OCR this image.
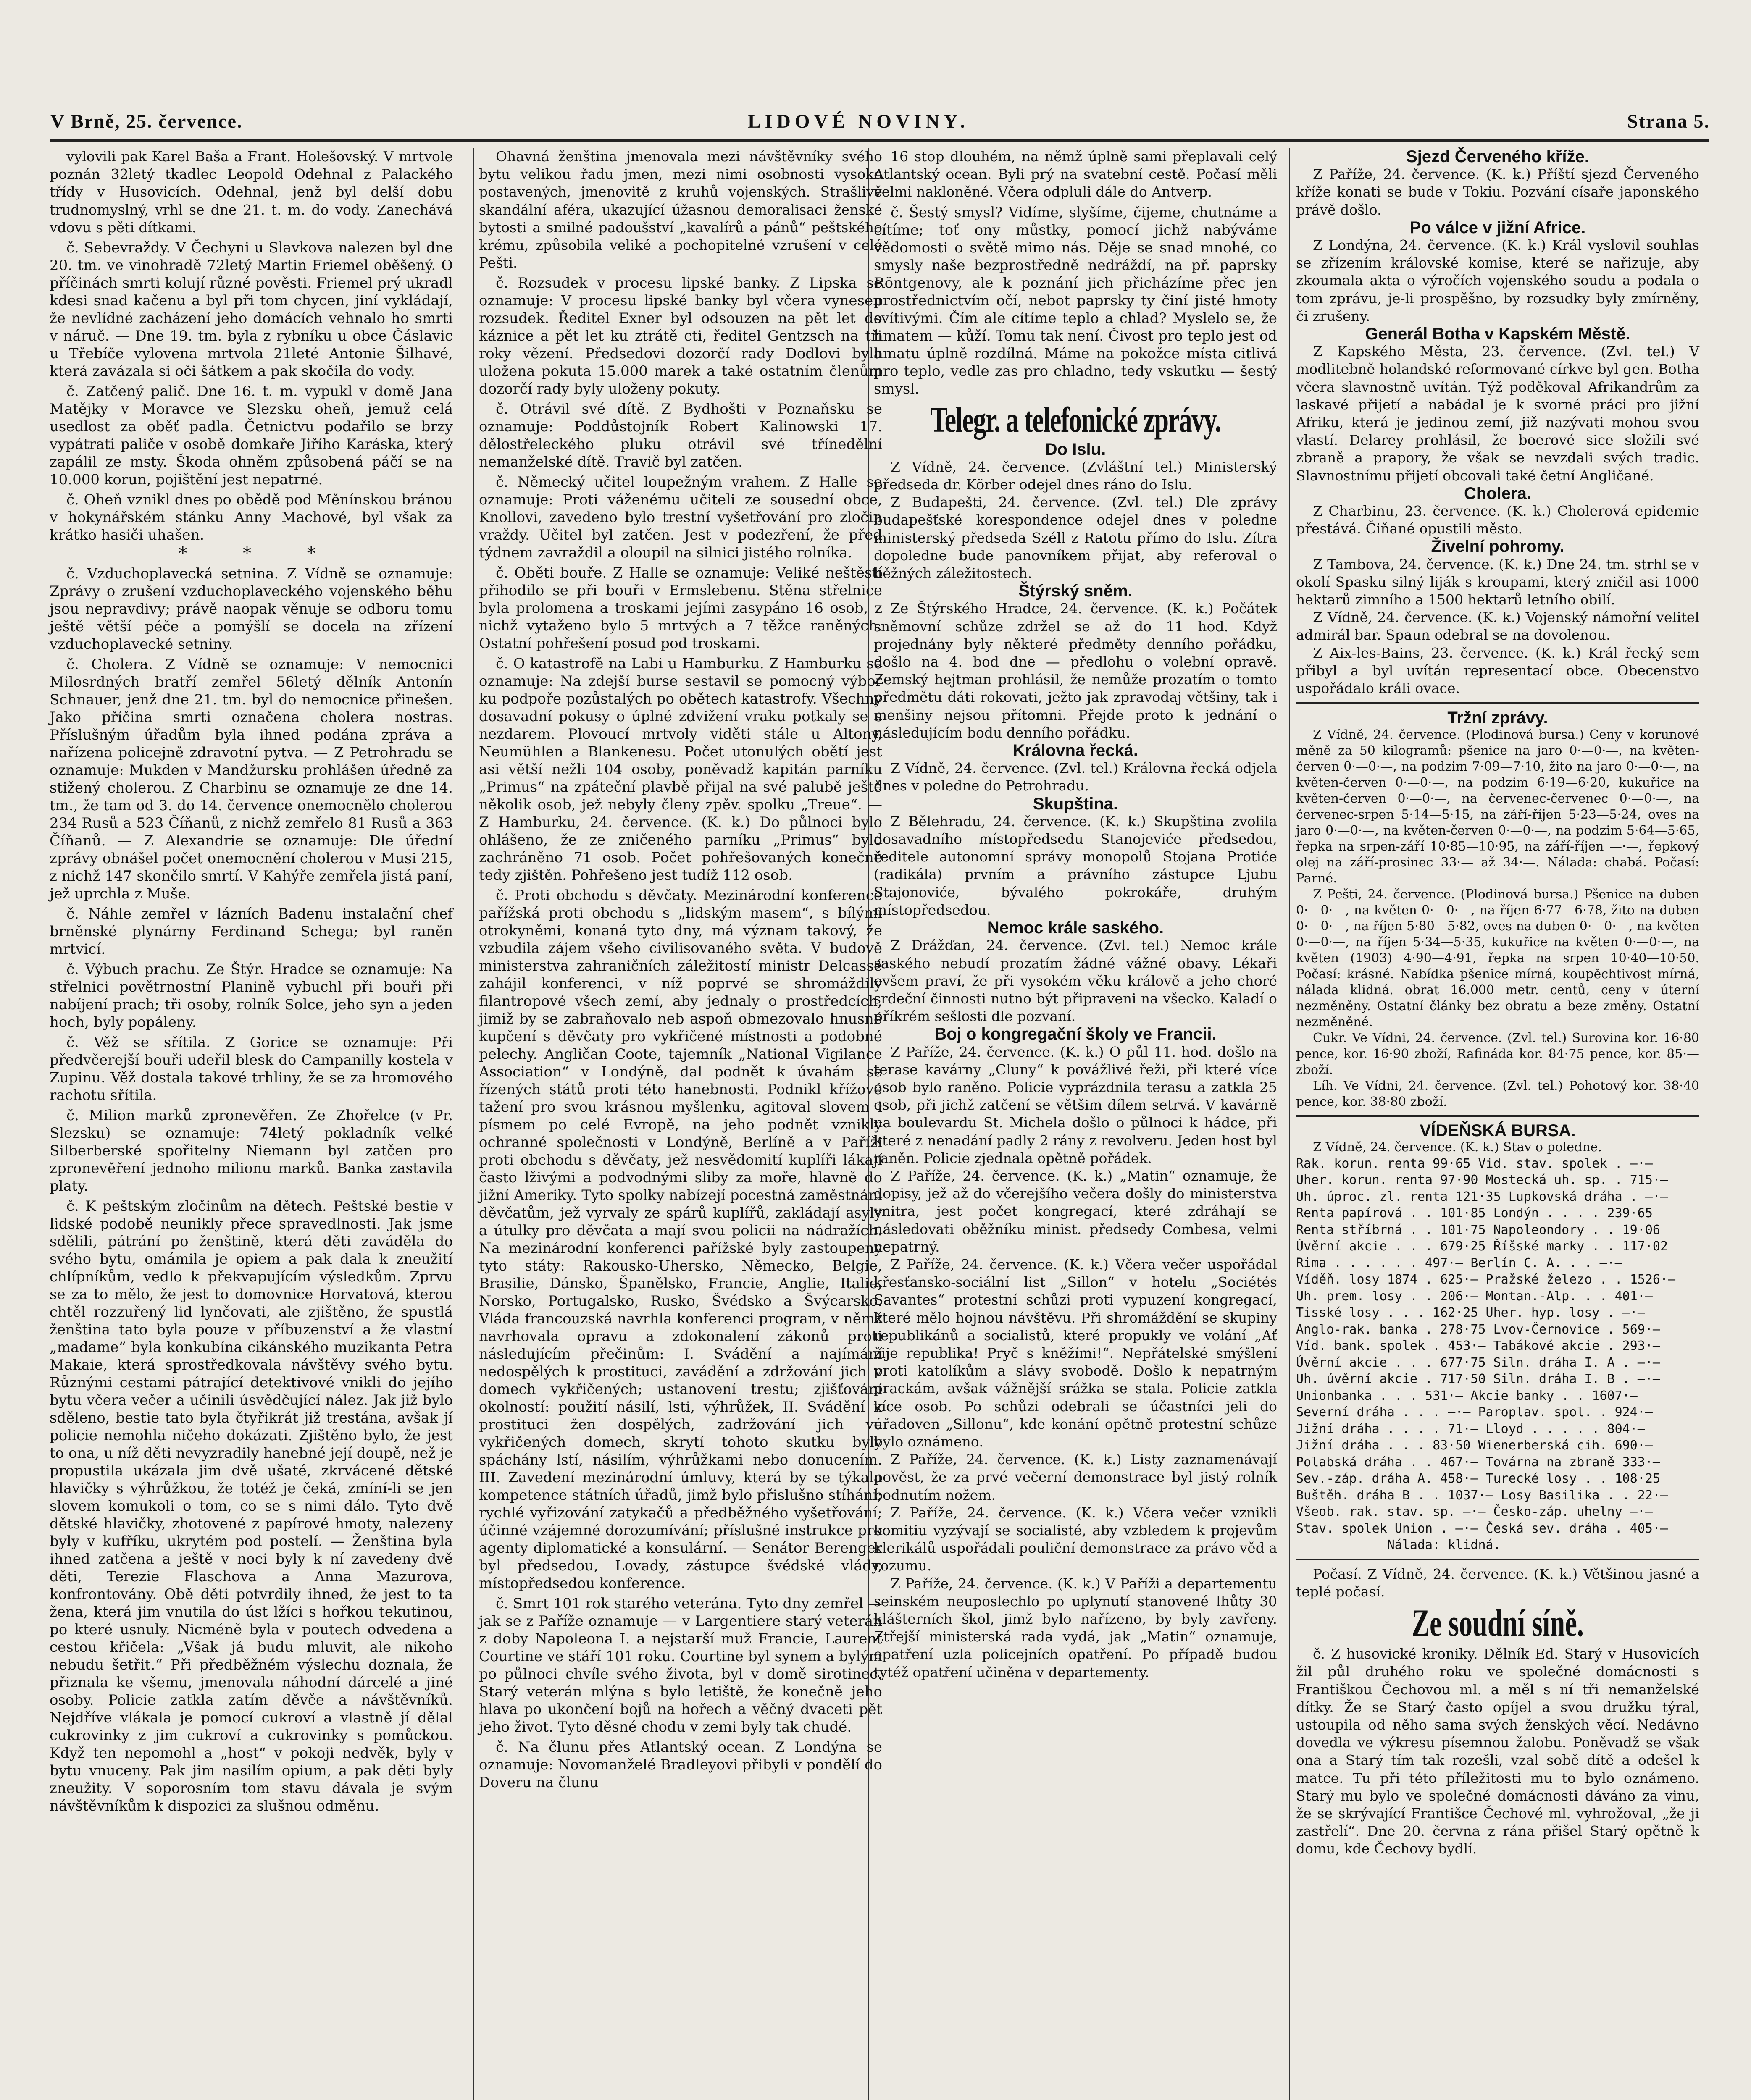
V Brně, 25. července.	LIDOVÉ NOVINY.	Strana 5.

vylovili pak Karel Baša a Frant. Holešovský. V mrtvole poznán 32letý tkadlec Leopold Odehnal z Palackého třídy v Husovicích. Odehnal, jenž byl delší dobu trudnomyslný, vrhl se dne 21. t. m. do vody. Zanechává vdovu s pěti dítkami.

č. Sebevraždy. V Čechyni u Slavkova nalezen byl dne 20. tm. ve vinohradě 72letý Martin Friemel oběšený. O příčinách smrti kolují různé pověsti. Friemel prý ukradl kdesi snad kačenu a byl při tom chycen, jiní vykládají, že nevlídné zacházení jeho domácích vehnalo ho smrti v náruč. — Dne 19. tm. byla z rybníku u obce Čáslavic u Třebíče vylovena mrtvola 21leté Antonie Šilhavé, která zavázala si oči šátkem a pak skočila do vody.
č. Zatčený palič. Dne 16. t. m. vypukl v domě Jana Matějky v Moravce ve Slezsku oheň, jemuž celá usedlost za oběť padla. Četnictvu podařilo se brzy vypátrati paliče v osobě domkaře Jiřího Karáska, který zapálil ze msty. Škoda ohněm způsobená páčí se na 10.000 korun, pojištění jest nepatrné.
č. Oheň vznikl dnes po obědě pod Měnínskou bránou v hokynářském stánku Anny Machové, byl však za krátko hasiči uhašen.

* * *

č. Vzduchoplavecká setnina. Z Vídně se oznamuje: Zprávy o zrušení vzduchoplaveckého vojenského běhu jsou nepravdivy; právě naopak věnuje se odboru tomu ještě větší péče a pomýšlí se docela na zřízení vzduchoplavecké setniny.
č. Cholera. Z Vídně se oznamuje: V nemocnici Milosrdných bratří zemřel 56letý dělník Antonín Schnauer, jenž dne 21. tm. byl do nemocnice přinešen. Jako příčina smrti označena cholera nostras. Příslušným úřadům byla ihned podána zpráva a nařízena policejně zdravotní pytva. — Z Petrohradu se oznamuje: Mukden v Mandžursku prohlášen úředně za stižený cholerou. Z Charbinu se oznamuje ze dne 14. tm., že tam od 3. do 14. července onemocnělo cholerou 234 Rusů a 523 Číňanů, z nichž zemřelo 81 Rusů a 363 Číňanů. — Z Alexandrie se oznamuje: Dle úřední zprávy obnášel počet onemocnění cholerou v Musi 215, z nichž 147 skončilo smrtí. V Kahýře zemřela jistá paní, jež uprchla z Muše.
č. Náhle zemřel v lázních Badenu instalační chef brněnské plynárny Ferdinand Schega; byl raněn mrtvicí.
č. Výbuch prachu. Ze Štýr. Hradce se oznamuje: Na střelnici povětrnostní Planině vybuchl při bouři při nabíjení prach; tři osoby, rolník Solce, jeho syn a jeden hoch, byly popáleny.
č. Věž se sřítila. Z Gorice se oznamuje: Při předvčerejší bouři udeřil blesk do Campanilly kostela v Zupinu. Věž dostala takové trhliny, že se za hromového rachotu sřítila.
č. Milion marků zpronevěřen. Ze Zhořelce (v Pr. Slezsku) se oznamuje: 74letý pokladník velké Silberberské spořitelny Niemann byl zatčen pro zpronevěření jednoho milionu marků. Banka zastavila platy.
č. K peštským zločinům na dětech. Peštské bestie v lidské podobě neunikly přece spravedlnosti. Jak jsme sdělili, pátrání po ženštině, která děti zaváděla do svého bytu, omámila je opiem a pak dala k zneužití chlípníkům, vedlo k překvapujícím výsledkům. Zprvu se za to mělo, že jest to domovnice Horvatová, kterou chtěl rozzuřený lid lynčovati, ale zjištěno, že spustlá ženština tato byla pouze v příbuzenství a že vlastní „madame“ byla konkubína cikánského muzikanta Petra Makaie, která sprostředkovala návštěvy svého bytu. Různými cestami pátrající detektivové vnikli do jejího bytu včera večer a učinili úsvědčující nález. Jak již bylo sděleno, bestie tato byla čtyřikrát již trestána, avšak jí policie nemohla ničeho dokázati. Zjištěno bylo, že jest to ona, u níž děti nevyzradily hanebné její doupě, než je propustila ukázala jim dvě ušaté, zkrvácené dětské hlavičky s výhrůžkou, že totéž je čeká, zmíní-li se jen slovem komukoli o tom, co se s nimi dálo. Tyto dvě dětské hlavičky, zhotovené z papírové hmoty, nalezeny byly v kufříku, ukrytém pod postelí. — Ženština byla ihned zatčena a ještě v noci byly k ní zavedeny dvě děti, Terezie Flaschova a Anna Mazurova, konfrontovány. Obě děti potvrdily ihned, že jest to ta žena, která jim vnutila do úst lžíci s hořkou tekutinou, po které usnuly. Nicméně byla v poutech odvedena a cestou křičela: „Však já budu mluvit, ale nikoho nebudu šetřit.“ Při předběžném výslechu doznala, že přiznala ke všemu, jmenovala náhodní dárcelé a jiné osoby. Policie zatkla zatím děvče a návštěvníků. Nejdříve vlákala je pomocí cukroví a vlastně jí dělal cukrovinky z jim cukroví a cukrovinky s pomůckou. Když ten nepomohl a „host“ v pokoji nedvěk, byly v bytu vnuceny. Pak jim nasilím opium, a pak děti byly zneužity. V soporosním tom stavu dávala je svým návštěvníkům k dispozici za slušnou odměnu.

Ohavná ženština jmenovala mezi návštěvníky svého bytu velikou řadu jmen, mezi nimi osobnosti vysoko postavených, jmenovitě z kruhů vojenských. Strašlivě skandální aféra, ukazující úžasnou demoralisaci ženské bytosti a smilné padoušství „kavalírů a pánů“ peštského krému, způsobila veliké a pochopitelné vzrušení v celé Pešti.

č. Rozsudek v procesu lipské banky. Z Lipska se oznamuje: V procesu lipské banky byl včera vynesen rozsudek. Ředitel Exner byl odsouzen na pět let do káznice a pět let ku ztrátě cti, ředitel Gentzsch na tři roky vězení. Předsedovi dozorčí rady Dodlovi byla uložena pokuta 15.000 marek a také ostatním členům dozorčí rady byly uloženy pokuty.
č. Otrávil své dítě. Z Bydhošti v Poznaňsku se oznamuje: Poddůstojník Robert Kalinowski 17. dělostřeleckého pluku otrávil své třínedělní nemanželské dítě. Travič byl zatčen.
č. Německý učitel loupežným vrahem. Z Halle se oznamuje: Proti váženému učiteli ze sousední obce, Knollovi, zavedeno bylo trestní vyšetřování pro zločin vraždy. Učitel byl zatčen. Jest v podezření, že před týdnem zavraždil a oloupil na silnici jistého rolníka.
č. Oběti bouře. Z Halle se oznamuje: Veliké neštěstí přihodilo se při bouři v Ermslebenu. Stěna střelnice byla prolomena a troskami jejími zasypáno 16 osob, z nichž vytaženo bylo 5 mrtvých a 7 těžce raněných. Ostatní pohřešení posud pod troskami.
č. O katastrofě na Labi u Hamburku. Z Hamburku se oznamuje: Na zdejší burse sestavil se pomocný výbor ku podpoře pozůstalých po obětech katastrofy. Všechny dosavadní pokusy o úplné zdvižení vraku potkaly se s nezdarem. Plovoucí mrtvoly viděti stále u Altony, Neumühlen a Blankenesu. Počet utonulých obětí jest asi větší nežli 104 osoby, poněvadž kapitán parníku „Primus“ na zpáteční plavbě přijal na své palubě ještě několik osob, jež nebyly členy zpěv. spolku „Treue“. — Z Hamburku, 24. července. (K. k.) Do půlnoci bylo ohlášeno, že ze zničeného parníku „Primus“ bylo zachráněno 71 osob. Počet pohřešovaných konečně tedy zjištěn. Pohřešeno jest tudíž 112 osob.
č. Proti obchodu s děvčaty. Mezinárodní konference pařížská proti obchodu s „lidským masem“, s bílými otrokyněmi, konaná tyto dny, má význam takový, že vzbudila zájem všeho civilisovaného světa. V budově ministerstva zahraničních záležitostí ministr Delcassé zahájil konferenci, v níž poprvé se shromáždily filantropové všech zemí, aby jednaly o prostředcích, jimiž by se zabraňovalo neb aspoň obmezovalo hnusné kupčení s děvčaty pro vykřičené místnosti a podobné pelechy. Angličan Coote, tajemník „National Vigilance Association“ v Londýně, dal podnět k úvahám se řízených států proti této hanebnosti. Podnikl křížové tažení pro svou krásnou myšlenku, agitoval slovem i písmem po celé Evropě, na jeho podnět vznikly ochranné společnosti v Londýně, Berlíně a v Paříži proti obchodu s děvčaty, jež nesvědomití kuplíři lákají často lživými a podvodnými sliby za moře, hlavně do jižní Ameriky. Tyto spolky nabízejí pocestná zaměstnání děvčatům, jež vyrvaly ze spárů kuplířů, zakládají asyly a útulky pro děvčata a mají svou policii na nádražích. Na mezinárodní konferenci pařížské byly zastoupeny tyto státy: Rakousko-Uhersko, Německo, Belgie, Brasilie, Dánsko, Španělsko, Francie, Anglie, Italie, Norsko, Portugalsko, Rusko, Švédsko a Švýcarsko. Vláda francouzská navrhla konferenci program, v němž navrhovala opravu a zdokonalení zákonů proti následujícím přečinům: I. Svádění a najímání nedospělých k prostituci, zavádění a zdržování jich v domech vykřičených; ustanovení trestu; zjišťování okolností: použití násilí, lsti, výhrůžek, II. Svádění k prostituci žen dospělých, zadržování jich ve vykřičených domech, skrytí tohoto skutku byly spáchány lstí, násilím, výhrůžkami nebo donucením. III. Zavedení mezinárodní úmluvy, která by se týkala kompetence státních úřadů, jimž bylo přislušno stíhání; rychlé vyřizování zatykačů a předběžného vyšetřování; účinné vzájemné dorozumívání; příslušné instrukce pro agenty diplomatické a konsulární. — Senátor Berenger byl předsedou, Lovady, zástupce švédské vlády, místopředsedou konference.
č. Smrt 101 rok starého veterána. Tyto dny zemřel — jak se z Paříže oznamuje — v Largentiere starý veterán z doby Napoleona I. a nejstarší muž Francie, Laurent Courtine ve stáří 101 roku. Courtine byl synem a bylým po půlnoci chvíle svého života, byl v domě sirotinec. Starý veterán mlýna s bylo letiště, že konečně jeho hlava po ukončení bojů na hořech a věčný dvaceti pět jeho život. Tyto děsné chodu v zemi byly tak chudé.
č. Na člunu přes Atlantský ocean. Z Londýna se oznamuje: Novomanželé Bradleyovi přibyli v pondělí do Doveru na člunu

16 stop dlouhém, na němž úplně sami přeplavali celý Atlantský ocean. Byli prý na svatební cestě. Počasí měli velmi nakloněné. Včera odpluli dále do Antverp.

č. Šestý smysl? Vidíme, slyšíme, čijeme, chutnáme a cítíme; toť ony můstky, pomocí jichž nabýváme vědomosti o světě mimo nás. Děje se snad mnohé, co smysly naše bezprostředně nedráždí, na př. paprsky Röntgenovy, ale k poznání jich přicházíme přec jen prostřednictvím očí, nebot paprsky ty činí jisté hmoty svítivými. Čím ale cítíme teplo a chlad? Myslelo se, že hmatem — kůží. Tomu tak není. Čivost pro teplo jest od hmatu úplně rozdílná. Máme na pokožce místa citlivá pro teplo, vedle zas pro chladno, tedy vskutku — šestý smysl.

Telegr. a telefonické zprávy.

Do Islu.

Z Vídně, 24. července. (Zvláštní tel.) Ministerský předseda dr. Körber odejel dnes ráno do Islu.

Z Budapešti, 24. července. (Zvl. tel.) Dle zprávy budapešťské korespondence odejel dnes v poledne ministerský předseda Széll z Ratotu přímo do Islu. Zítra dopoledne bude panovníkem přijat, aby referoval o běžných záležitostech.

Štýrský sněm.

Ze Štýrského Hradce, 24. července. (K. k.) Počátek sněmovní schůze zdržel se až do 11 hod. Když projednány byly některé předměty denního pořádku, došlo na 4. bod dne — předlohu o volební opravě. Zemský hejtman prohlásil, že nemůže prozatím o tomto předmětu dáti rokovati, ježto jak zpravodaj většiny, tak i menšiny nejsou přítomni. Přejde proto k jednání o následujícím bodu denního pořádku.

Královna řecká.

Z Vídně, 24. července. (Zvl. tel.) Královna řecká odjela dnes v poledne do Petrohradu.

Skupština.

Z Bělehradu, 24. července. (K. k.) Skupština zvolila dosavadního místopředsedu Stanojeviće předsedou, ředitele autonomní správy monopolů Stojana Protiće (radikála) prvním a právního zástupce Ljubu Stajonoviće, bývalého pokrokáře, druhým místopředsedou.

Nemoc krále saského.

Z Drážďan, 24. července. (Zvl. tel.) Nemoc krále saského nebudí prozatím žádné vážné obavy. Lékaři ovšem praví, že při vysokém věku králově a jeho choré srdeční činnosti nutno být připraveni na všecko. Kaladí o příkrém sešlosti dle pozvaní.

Boj o kongregační školy ve Francii.

Z Paříže, 24. července. (K. k.) O půl 11. hod. došlo na terase kavárny „Cluny“ k povážlivé řeži, při které více osob bylo raněno. Policie vyprázdnila terasu a zatkla 25 osob, při jichž zatčení se většim dílem setrvá. V kavárně na boulevardu St. Michela došlo o půlnoci k hádce, při které z nenadání padly 2 rány z revolveru. Jeden host byl raněn. Policie zjednala opětně pořádek.

Z Paříže, 24. července. (K. k.) „Matin“ oznamuje, že dopisy, jež až do včerejšího večera došly do ministerstva vnitra, jest počet kongregací, které zdráhají se následovati oběžníku minist. předsedy Combesa, velmi nepatrný.

Z Paříže, 24. července. (K. k.) Včera večer uspořádal křesťansko-sociální list „Sillon“ v hotelu „Sociétés Savantes“ protestní schůzi proti vypuzení kongregací, které mělo hojnou návštěvu. Při shromáždění se skupiny republikánů a socialistů, které propukly ve volání „Ať žije republika! Pryč s kněžími!“. Nepřátelské smýšlení proti katolíkům a slávy svobodě. Došlo k nepatrným prackám, avšak vážnější srážka se stala. Policie zatkla více osob. Po schůzi odebrali se účastníci jeli do úřadoven „Sillonu“, kde konání opětně protestní schůze bylo oznámeno.

Z Paříže, 24. července. (K. k.) Listy zaznamenávají pověst, že za prvé večerní demonstrace byl jistý rolník bodnutím nožem.

Z Paříže, 24. července. (K. k.) Včera večer vznikli komitiu vyzývají se socialisté, aby vzbledem k projevům klerikálů uspořádali pouliční demonstrace za právo věd a rozumu.

Z Paříže, 24. července. (K. k.) V Paříži a departementu seinském neuposlechlo po uplynutí stanovené lhůty 30 klášterních škol, jimž bylo nařízeno, by byly zavřeny. Ztřejší ministerská rada vydá, jak „Matin“ oznamuje, opatření uzla policejních opatření. Po případě budou tytéž opatření učiněna v departementy.

Sjezd Červeného kříže.

Z Paříže, 24. července. (K. k.) Příští sjezd Červeného kříže konati se bude v Tokiu. Pozvání císaře japonského právě došlo.

Po válce v jižní Africe.

Z Londýna, 24. července. (K. k.) Král vyslovil souhlas se zřízením královské komise, které se nařizuje, aby zkoumala akta o výročích vojenského soudu a podala o tom zprávu, je-li prospěšno, by rozsudky byly zmírněny, či zrušeny.

Generál Botha v Kapském Městě.

Z Kapského Města, 23. července. (Zvl. tel.) V modlitebně holandské reformované církve byl gen. Botha včera slavnostně uvítán. Týž poděkoval Afrikandrům za laskavé přijetí a nabádal je k svorné práci pro jižní Afriku, která je jedinou zemí, již nazývati mohou svou vlastí. Delarey prohlásil, že boerové sice složili své zbraně a prapory, že však se nevzdali svých tradic. Slavnostnímu přijetí obcovali také četní Angličané.

Cholera.

Z Charbinu, 23. července. (K. k.) Cholerová epidemie přestává. Čiňané opustili město.

Živelní pohromy.

Z Tambova, 24. července. (K. k.) Dne 24. tm. strhl se v okolí Spasku silný liják s kroupami, který zničil asi 1000 hektarů zimního a 1500 hektarů letního obilí.

Z Vídně, 24. července. (K. k.) Vojenský námořní velitel admirál bar. Spaun odebral se na dovolenou.

Z Aix-les-Bains, 23. července. (K. k.) Král řecký sem přibyl a byl uvítán representací obce. Obecenstvo uspořádalo králi ovace.

Tržní zprávy.

Z Vídně, 24. července. (Plodinová bursa.) Ceny v korunové měně za 50 kilogramů: pšenice na jaro 0·—0·—, na květen-červen 0·—0·—, na podzim 7·09—7·10, žito na jaro 0·—0·—, na květen-červen 0·—0·—, na podzim 6·19—6·20, kukuřice na květen-červen 0·—0·—, na červenec-červenec 0·—0·—, na červenec-srpen 5·14—5·15, na září-říjen 5·23—5·24, oves na jaro 0·—0·—, na květen-červen 0·—0·—, na podzim 5·64—5·65, řepka na srpen-září 10·85—10·95, na září-říjen —·—, řepkový olej na září-prosinec 33·— až 34·—. Nálada: chabá. Počasí: Parné.

Z Pešti, 24. července. (Plodinová bursa.) Pšenice na duben 0·—0·—, na květen 0·—0·—, na říjen 6·77—6·78, žito na duben 0·—0·—, na říjen 5·80—5·82, oves na duben 0·—0·—, na květen 0·—0·—, na říjen 5·34—5·35, kukuřice na květen 0·—0·—, na květen (1903) 4·90—4·91, řepka na srpen 10·40—10·50. Počasí: krásné. Nabídka pšenice mírná, koupěchtivost mírná, nálada klidná. obrat 16.000 metr. centů, ceny v úterní nezměněny. Ostatní články bez obratu a beze změny. Ostatní nezměněné.

Cukr. Ve Vídni, 24. července. (Zvl. tel.) Surovina kor. 16·80 pence, kor. 16·90 zboží, Rafináda kor. 84·75 pence, kor. 85·— zboží.

Líh. Ve Vídni, 24. července. (Zvl. tel.) Pohotový kor. 38·40 pence, kor. 38·80 zboží.

VÍDEŇSKÁ BURSA.

Z Vídně, 24. července. (K. k.) Stav o poledne.

Rak. korun. renta 99·65 Vid. stav. spolek . —·—
Uher. korun. renta 97·90 Mostecká uh. sp. . 715·—
Uh. úproc. zl. renta 121·35 Lupkovská dráha . —·—
Renta papírová . . 101·85 Londýn . . . . 239·65
Renta stříbrná . . 101·75 Napoleondory . . 19·06
Úvěrní akcie . . . 679·25 Říšské marky . . 117·02
Rima . . . . . . 497·— Berlín C. A. . . —·—
Víděň. losy 1874 . 625·— Pražské železo . . 1526·—
Uh. prem. losy . . 206·— Montan.-Alp. . . 401·—
Tisské losy . . . 162·25 Uher. hyp. losy . —·—
Anglo-rak. banka . 278·75 Lvov-Černovice . 569·—
Víd. bank. spolek . 453·— Tabákové akcie . 293·—
Úvěrní akcie . . . 677·75 Siln. dráha I. A . —·—
Uh. úvěrní akcie . 717·50 Siln. dráha I. B . —·—
Unionbanka . . . 531·— Akcie banky . . 1607·—
Severní dráha . . . —·— Paroplav. spol. . 924·—
Jižní dráha . . . . 71·— Lloyd . . . . . 804·—
Jižní dráha . . . 83·50 Wienerberská cih. 690·—
Polabská dráha . . 467·— Továrna na zbraně 333·—
Sev.-záp. dráha A. 458·— Turecké losy . . 108·25
Buštěh. dráha B . . 1037·— Losy Basilika . . 22·—
Všeob. rak. stav. sp. —·— Česko-záp. uhelny —·—
Stav. spolek Union . —·— Česká sev. dráha . 405·—
Nálada: klidná.

Počasí. Z Vídně, 24. července. (K. k.) Většinou jasné a teplé počasí.

Ze soudní síně.

č. Z husovické kroniky. Dělník Ed. Starý v Husovicích žil půl druhého roku ve společné domácnosti s Františkou Čechovou ml. a měl s ní tři nemanželské dítky. Že se Starý často opíjel a svou družku týral, ustoupila od něho sama svých ženských věcí. Nedávno dovedla ve výkresu písemnou žalobu. Poněvadž se však ona a Starý tím tak rozešli, vzal sobě dítě a odešel k matce. Tu při této příležitosti mu to bylo oznámeno. Starý mu bylo ve společné domácnosti dáváno za vinu, že se skrývající Františce Čechové ml. vyhrožoval, „že ji zastřelí“. Dne 20. června z rána přišel Starý opětně k domu, kde Čechovy bydlí.
